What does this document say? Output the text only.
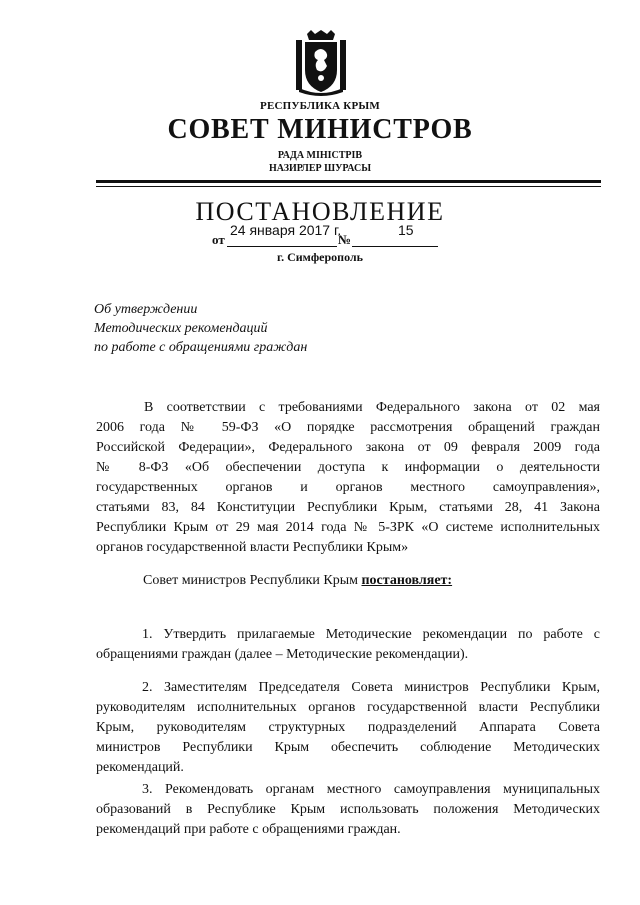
РЕСПУБЛИКА КРЫМ
СОВЕТ МИНИСТРОВ
РАДА МІНІСТРІВ
НАЗИРЛЕР ШУРАСЫ
ПОСТАНОВЛЕНИЕ
24 января 2017 г.	15
от	№
г. Симферополь
Об утверждении
Методических рекомендаций
по работе с обращениями граждан
В соответствии с требованиями Федерального закона от 02 мая
2006 года № 59-ФЗ «О порядке рассмотрения обращений граждан
Российской Федерации», Федерального закона от 09 февраля 2009 года
№ 8-ФЗ «Об обеспечении доступа к информации о деятельности
государственных органов и органов местного самоуправления»,
статьями 83, 84 Конституции Республики Крым, статьями 28, 41 Закона
Республики Крым от 29 мая 2014 года № 5-ЗРК «О системе исполнительных
органов государственной власти Республики Крым»
Совет министров Республики Крым постановляет:
1. Утвердить прилагаемые Методические рекомендации по работе с
обращениями граждан (далее – Методические рекомендации).
2. Заместителям Председателя Совета министров Республики Крым,
руководителям исполнительных органов государственной власти Республики
Крым, руководителям структурных подразделений Аппарата Совета
министров Республики Крым обеспечить соблюдение Методических
рекомендаций.
3. Рекомендовать органам местного самоуправления муниципальных
образований в Республике Крым использовать положения Методических
рекомендаций при работе с обращениями граждан.
